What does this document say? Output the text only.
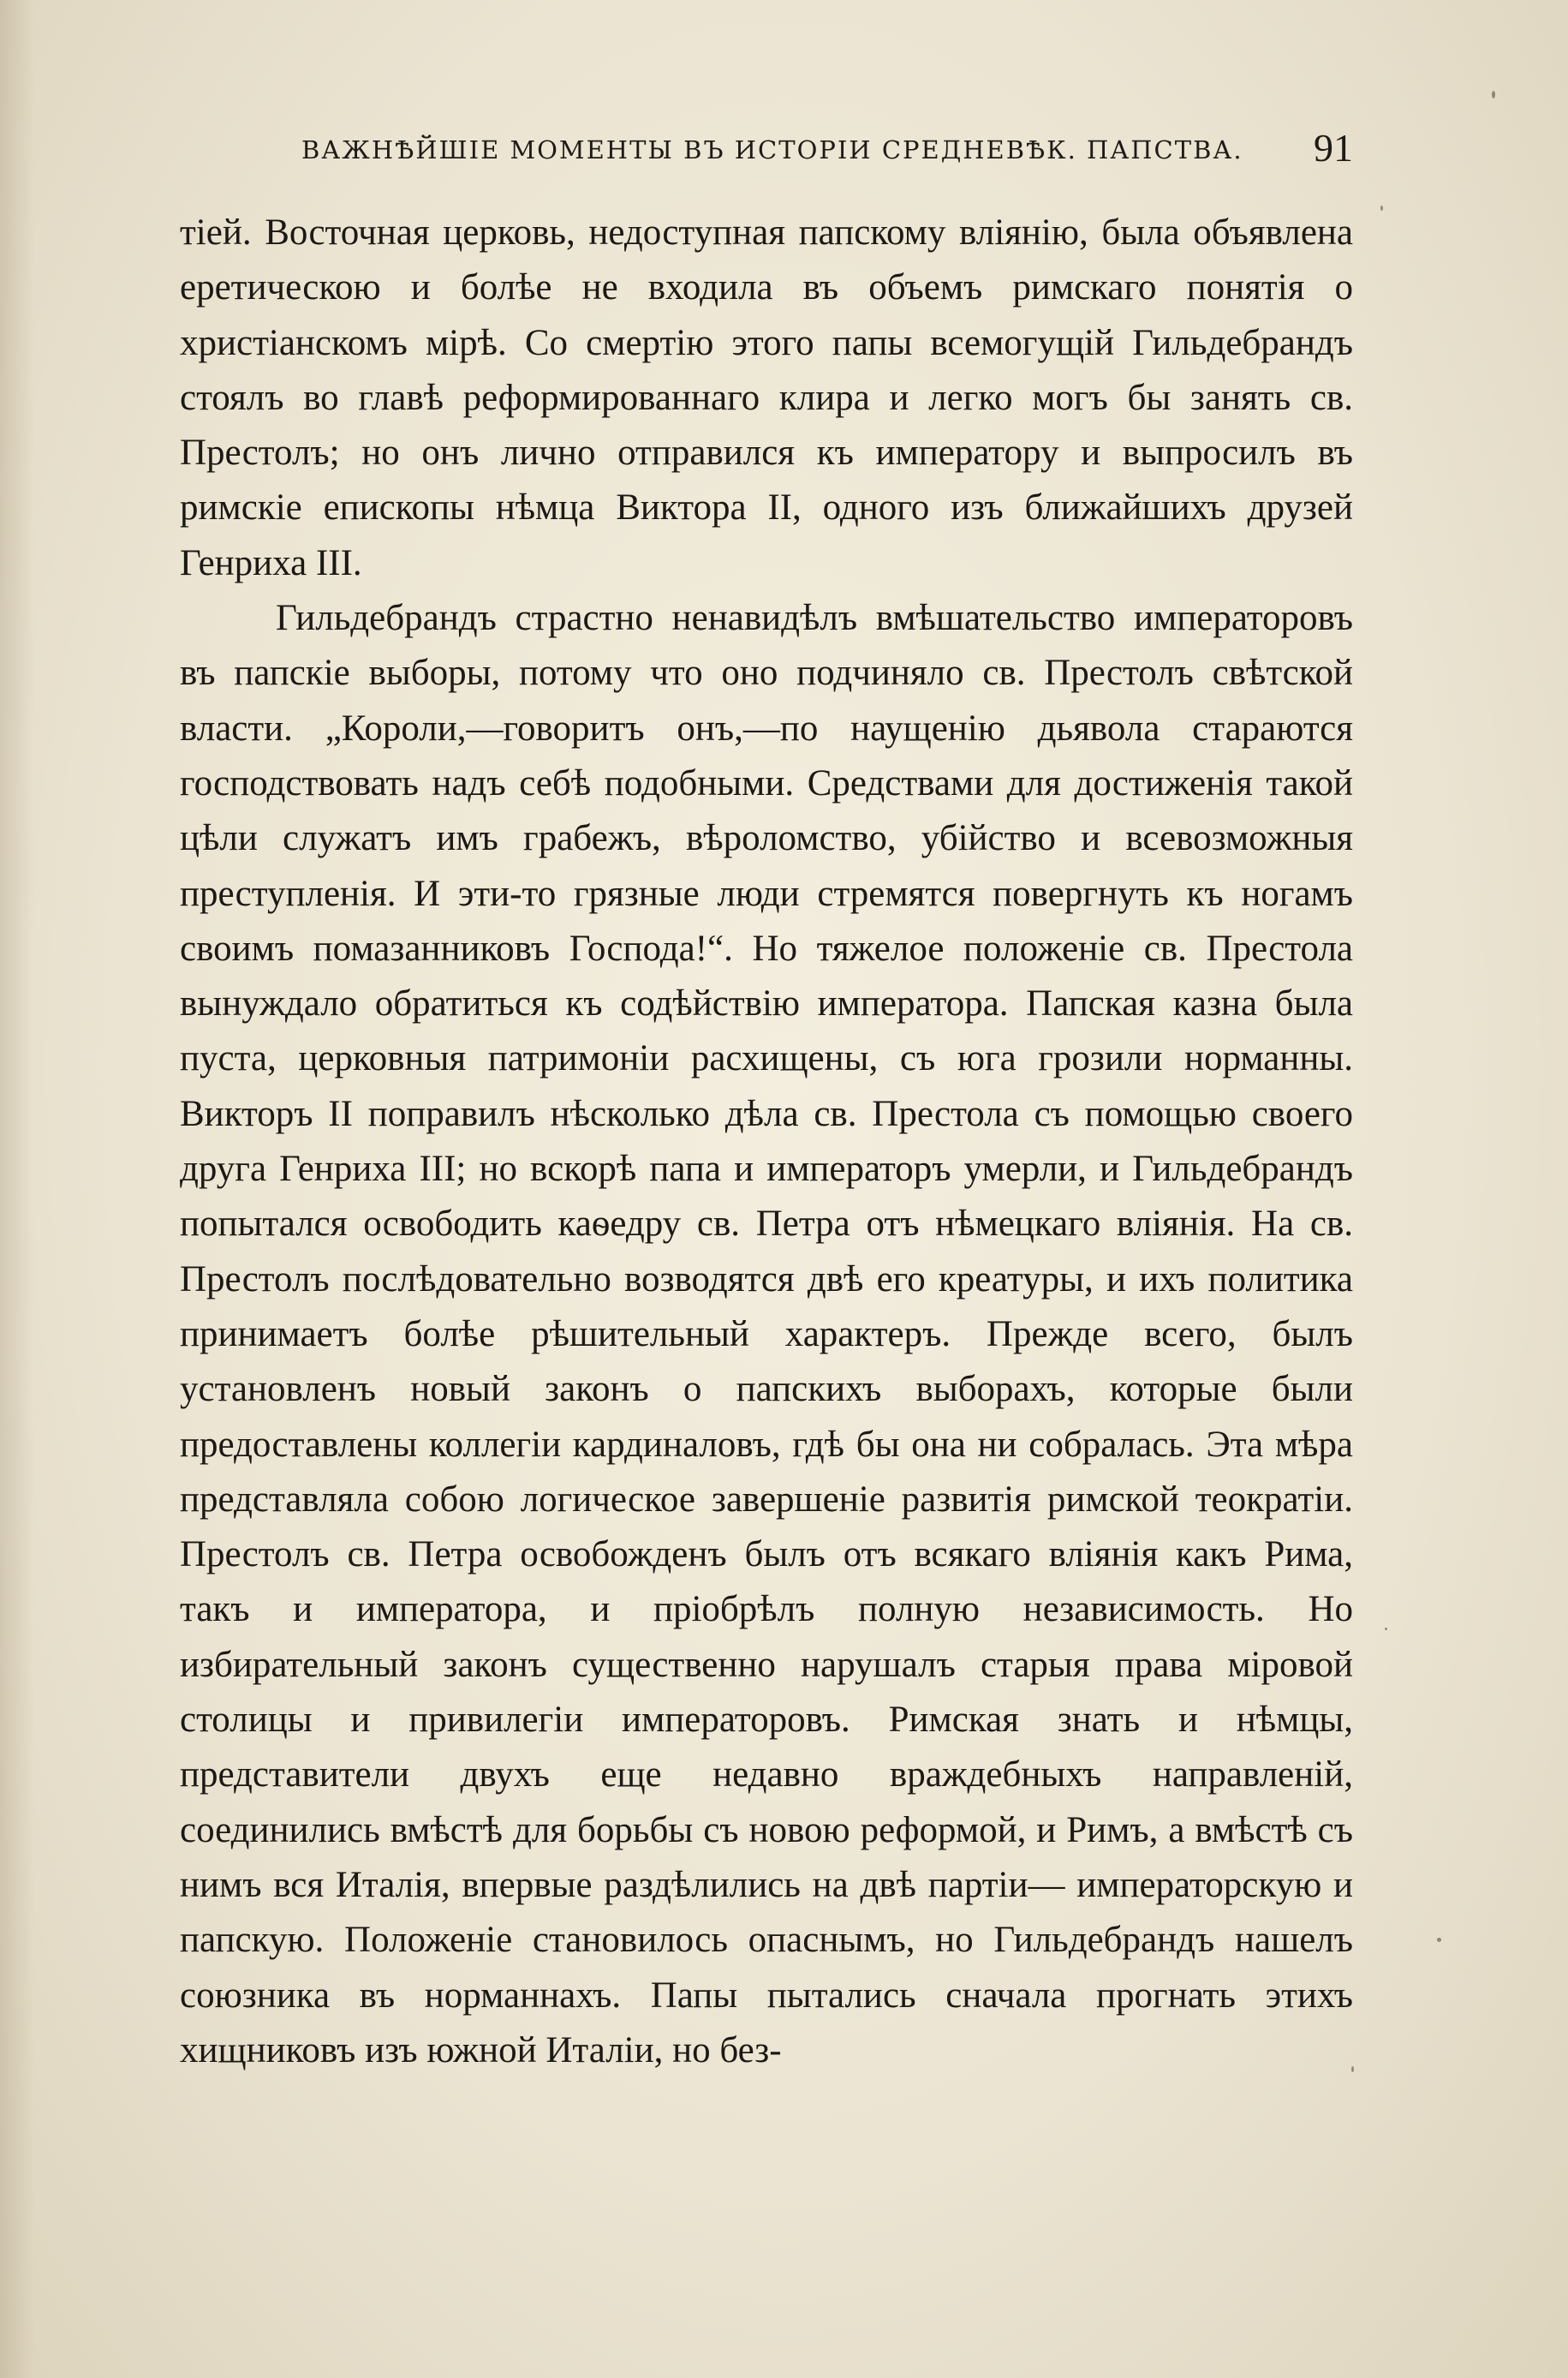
ВАЖНѢЙШІЕ МОМЕНТЫ ВЪ ИСТОРІИ СРЕДНЕВѢК. ПАПСТВА. 91

тіей. Восточная церковь, недоступная папскому вліянію, была объявлена еретическою и болѣе не входила въ объемъ римскаго понятія о христіанскомъ мірѣ. Со смертію этого папы всемогущій Гильдебрандъ стоялъ во главѣ реформированнаго клира и легко могъ бы занять св. Престолъ; но онъ лично отправился къ императору и выпросилъ въ римскіе епископы нѣмца Виктора II, одного изъ ближайшихъ друзей Генриха III.

Гильдебрандъ страстно ненавидѣлъ вмѣшательство императоровъ въ папскіе выборы, потому что оно подчиняло св. Престолъ свѣтской власти. „Короли,—говоритъ онъ,—по наущенію дьявола стараются господствовать надъ себѣ подобными. Средствами для достиженія такой цѣли служатъ имъ грабежъ, вѣроломство, убійство и всевозможныя преступленія. И эти-то грязные люди стремятся повергнуть къ ногамъ своимъ помазанниковъ Господа!“. Но тяжелое положеніе св. Престола вынуждало обратиться къ содѣйствію императора. Папская казна была пуста, церковныя патримоніи расхищены, съ юга грозили норманны. Викторъ II поправилъ нѣсколько дѣла св. Престола съ помощью своего друга Генриха III; но вскорѣ папа и императоръ умерли, и Гильдебрандъ попытался освободить каѳедру св. Петра отъ нѣмецкаго вліянія. На св. Престолъ послѣдовательно возводятся двѣ его креатуры, и ихъ политика принимаетъ болѣе рѣшительный характеръ. Прежде всего, былъ установленъ новый законъ о папскихъ выборахъ, которые были предоставлены коллегіи кардиналовъ, гдѣ бы она ни собралась. Эта мѣра представляла собою логическое завершеніе развитія римской теократіи. Престолъ св. Петра освобожденъ былъ отъ всякаго вліянія какъ Рима, такъ и императора, и пріобрѣлъ полную независимость. Но избирательный законъ существенно нарушалъ старыя права міровой столицы и привилегіи императоровъ. Римская знать и нѣмцы, представители двухъ еще недавно враждебныхъ направленій, соединились вмѣстѣ для борьбы съ новою реформой, и Римъ, а вмѣстѣ съ нимъ вся Италія, впервые раздѣлились на двѣ партіи— императорскую и папскую. Положеніе становилось опаснымъ, но Гильдебрандъ нашелъ союзника въ норманнахъ. Папы пытались сначала прогнать этихъ хищниковъ изъ южной Италіи, но без-
